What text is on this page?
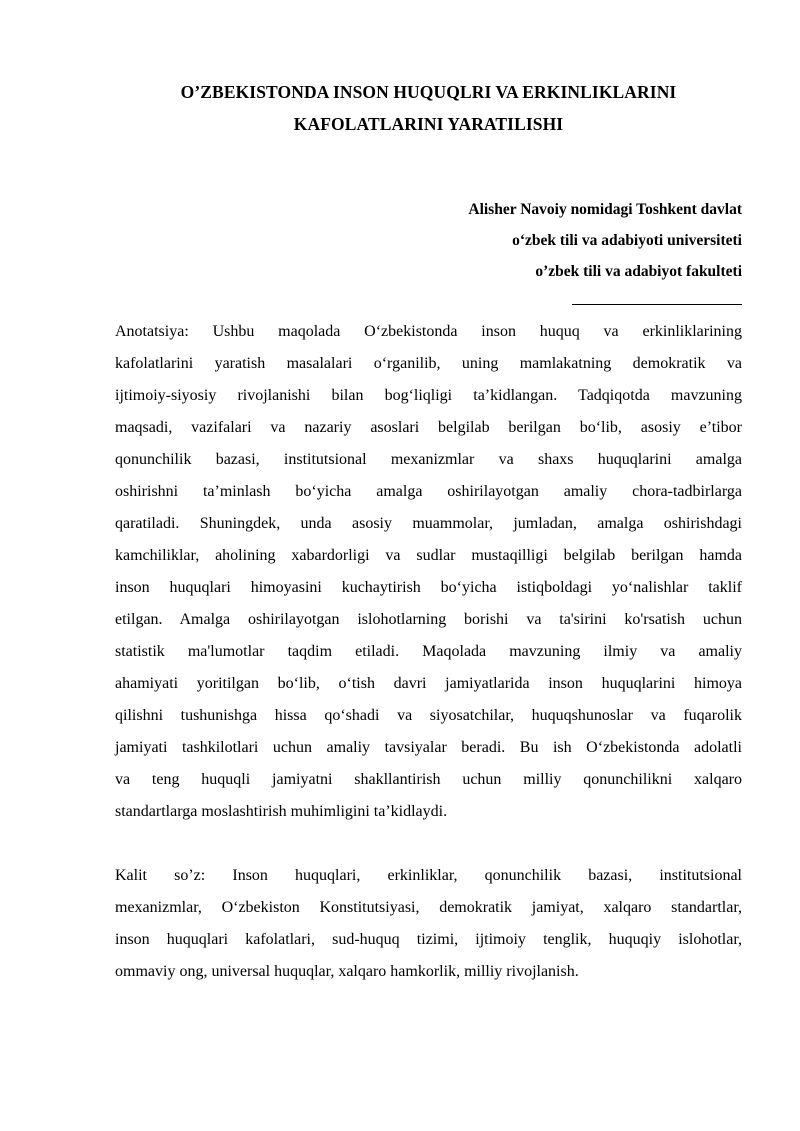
O’ZBEKISTONDA INSON HUQUQLRI VA ERKINLIKLARINI
KAFOLATLARINI YARATILISHI
Alisher Navoiy nomidagi Toshkent davlat
o‘zbek tili va adabiyoti universiteti
o’zbek tili va adabiyot fakulteti
Anotatsiya: Ushbu maqolada O‘zbekistonda inson huquq va erkinliklarining
kafolatlarini yaratish masalalari o‘rganilib, uning mamlakatning demokratik va
ijtimoiy-siyosiy rivojlanishi bilan bog‘liqligi ta’kidlangan. Tadqiqotda mavzuning
maqsadi, vazifalari va nazariy asoslari belgilab berilgan bo‘lib, asosiy e’tibor
qonunchilik bazasi, institutsional mexanizmlar va shaxs huquqlarini amalga
oshirishni ta’minlash bo‘yicha amalga oshirilayotgan amaliy chora-tadbirlarga
qaratiladi. Shuningdek, unda asosiy muammolar, jumladan, amalga oshirishdagi
kamchiliklar, aholining xabardorligi va sudlar mustaqilligi belgilab berilgan hamda
inson huquqlari himoyasini kuchaytirish bo‘yicha istiqboldagi yo‘nalishlar taklif
etilgan. Amalga oshirilayotgan islohotlarning borishi va ta'sirini ko'rsatish uchun
statistik ma'lumotlar taqdim etiladi. Maqolada mavzuning ilmiy va amaliy
ahamiyati yoritilgan bo‘lib, o‘tish davri jamiyatlarida inson huquqlarini himoya
qilishni tushunishga hissa qo‘shadi va siyosatchilar, huquqshunoslar va fuqarolik
jamiyati tashkilotlari uchun amaliy tavsiyalar beradi. Bu ish O‘zbekistonda adolatli
va teng huquqli jamiyatni shakllantirish uchun milliy qonunchilikni xalqaro
standartlarga moslashtirish muhimligini ta’kidlaydi.
Kalit so’z: Inson huquqlari, erkinliklar, qonunchilik bazasi, institutsional
mexanizmlar, O‘zbekiston Konstitutsiyasi, demokratik jamiyat, xalqaro standartlar,
inson huquqlari kafolatlari, sud-huquq tizimi, ijtimoiy tenglik, huquqiy islohotlar,
ommaviy ong, universal huquqlar, xalqaro hamkorlik, milliy rivojlanish.
